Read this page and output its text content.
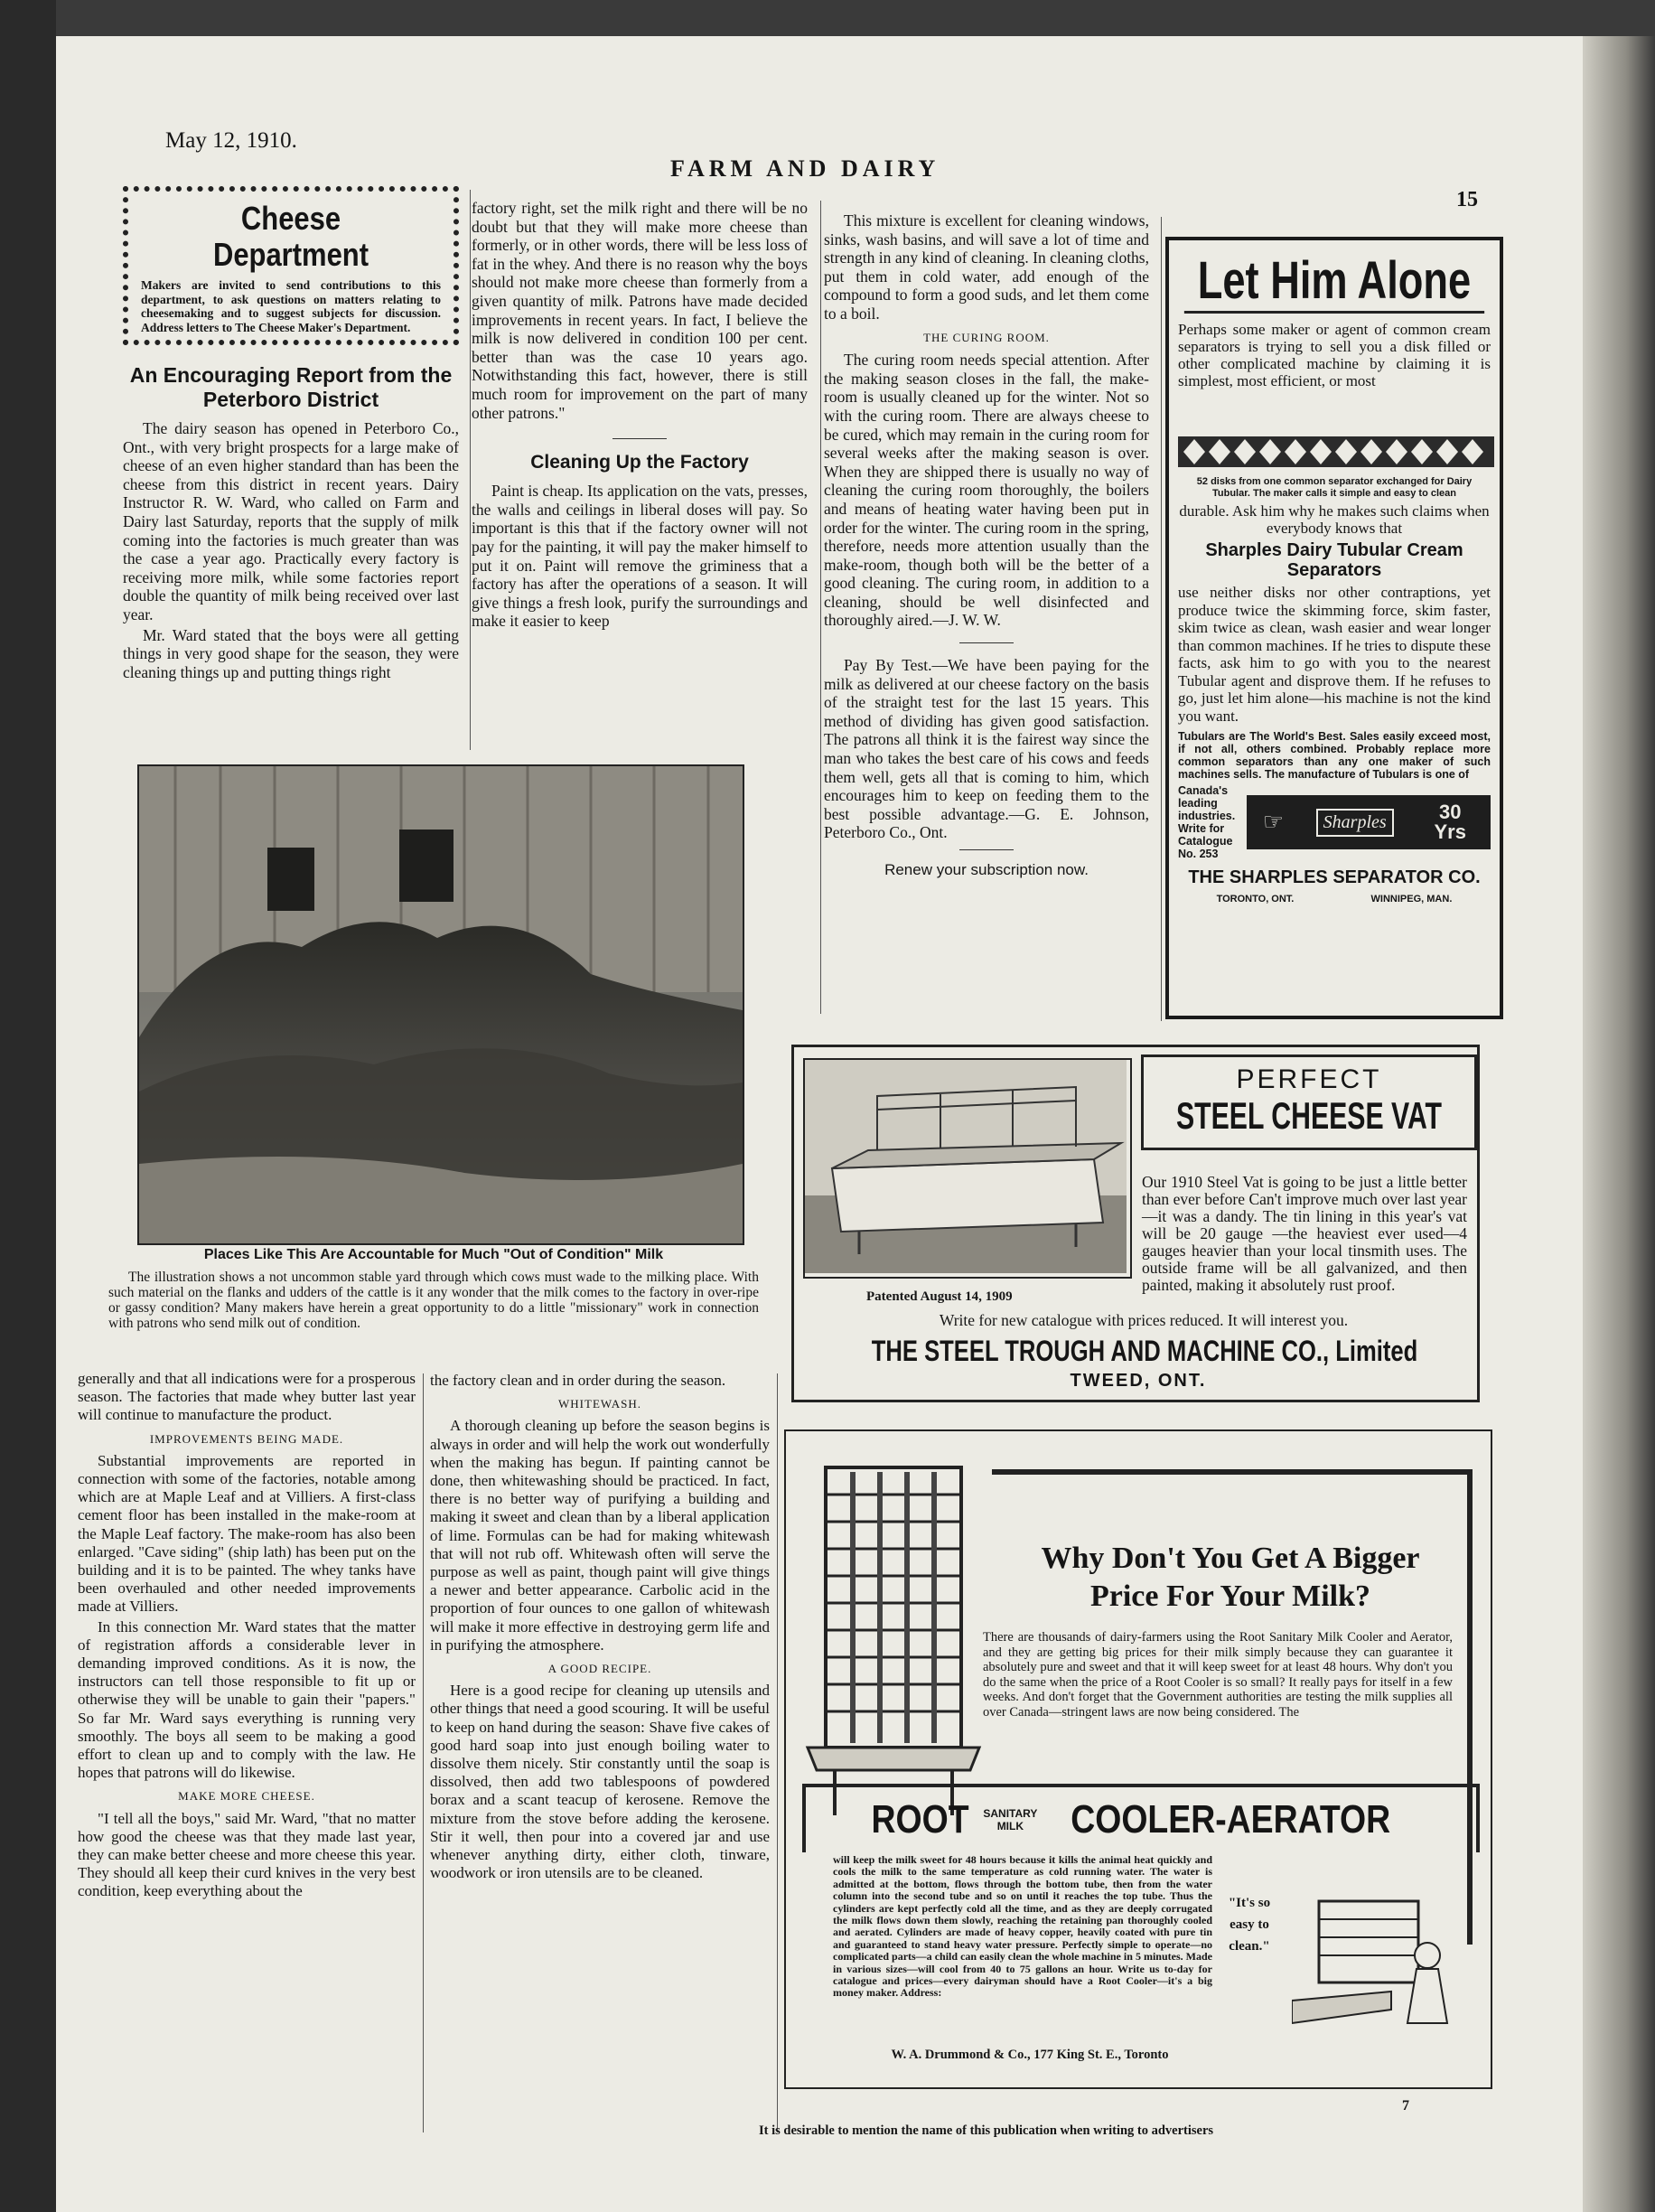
May 12, 1910.
FARM AND DAIRY
15
Cheese Department
Makers are invited to send contributions to this department, to ask questions on matters relating to cheesemaking and to suggest subjects for discussion. Address letters to The Cheese Maker's Department.
An Encouraging Report from the Peterboro District

The dairy season has opened in Peterboro Co., Ont., with very bright prospects for a large make of cheese of an even higher standard than has been the cheese from this district in recent years. Dairy Instructor R. W. Ward, who called on Farm and Dairy last Saturday, reports that the supply of milk coming into the factories is much greater than was the case a year ago. Practically every factory is receiving more milk, while some factories report double the quantity of milk being received over last year.

Mr. Ward stated that the boys were all getting things in very good shape for the season, they were cleaning things up and putting things right

factory right, set the milk right and there will be no doubt but that they will make more cheese than formerly, or in other words, there will be less loss of fat in the whey. And there is no reason why the boys should not make more cheese than formerly from a given quantity of milk. Patrons have made decided improvements in recent years. In fact, I believe the milk is now delivered in condition 100 per cent. better than was the case 10 years ago. Notwithstanding this fact, however, there is still much room for improvement on the part of many other patrons."

Cleaning Up the Factory

Paint is cheap. Its application on the vats, presses, the walls and ceilings in liberal doses will pay. So important is this that if the factory owner will not pay for the painting, it will pay the maker himself to put it on. Paint will remove the griminess that a factory has after the operations of a season. It will give things a fresh look, purify the surroundings and make it easier to keep

This mixture is excellent for cleaning windows, sinks, wash basins, and will save a lot of time and strength in any kind of cleaning. In cleaning cloths, put them in cold water, add enough of the compound to form a good suds, and let them come to a boil.

THE CURING ROOM.

The curing room needs special attention. After the making season closes in the fall, the make-room is usually cleaned up for the winter. Not so with the curing room. There are always cheese to be cured, which may remain in the curing room for several weeks after the making season is over. When they are shipped there is usually no way of cleaning the curing room thoroughly, the boilers and means of heating water having been put in order for the winter. The curing room in the spring, therefore, needs more attention usually than the make-room, though both will be the better of a good cleaning. The curing room, in addition to a cleaning, should be well disinfected and thoroughly aired.—J. W. W.

Pay By Test.—We have been paying for the milk as delivered at our cheese factory on the basis of the straight test for the last 15 years. This method of dividing has given good satisfaction. The patrons all think it is the fairest way since the man who takes the best care of his cows and feeds them well, gets all that is coming to him, which encourages him to keep on feeding them to the best possible advantage.—G. E. Johnson, Peterboro Co., Ont.

Renew your subscription now.
Places Like This Are Accountable for Much "Out of Condition" Milk

The illustration shows a not uncommon stable yard through which cows must wade to the milking place. With such material on the flanks and udders of the cattle is it any wonder that the milk comes to the factory in over-ripe or gassy condition? Many makers have herein a great opportunity to do a little "missionary" work in connection with patrons who send milk out of condition.

generally and that all indications were for a prosperous season. The factories that made whey butter last year will continue to manufacture the product.

IMPROVEMENTS BEING MADE.

Substantial improvements are reported in connection with some of the factories, notable among which are at Maple Leaf and at Villiers. A first-class cement floor has been installed in the make-room at the Maple Leaf factory. The make-room has also been enlarged. "Cave siding" (ship lath) has been put on the building and it is to be painted. The whey tanks have been overhauled and other needed improvements made at Villiers.

In this connection Mr. Ward states that the matter of registration affords a considerable lever in demanding improved conditions. As it is now, the instructors can tell those responsible to fit up or otherwise they will be unable to gain their "papers." So far Mr. Ward says everything is running very smoothly. The boys all seem to be making a good effort to clean up and to comply with the law. He hopes that patrons will do likewise.

MAKE MORE CHEESE.

"I tell all the boys," said Mr. Ward, "that no matter how good the cheese was that they made last year, they can make better cheese and more cheese this year. They should all keep their curd knives in the very best condition, keep everything about the

the factory clean and in order during the season.

WHITEWASH.

A thorough cleaning up before the season begins is always in order and will help the work out wonderfully when the making has begun. If painting cannot be done, then whitewashing should be practiced. In fact, there is no better way of purifying a building and making it sweet and clean than by a liberal application of lime. Formulas can be had for making whitewash that will not rub off. Whitewash often will serve the purpose as well as paint, though paint will give things a newer and better appearance. Carbolic acid in the proportion of four ounces to one gallon of whitewash will make it more effective in destroying germ life and in purifying the atmosphere.

A GOOD RECIPE.

Here is a good recipe for cleaning up utensils and other things that need a good scouring. It will be useful to keep on hand during the season: Shave five cakes of good hard soap into just enough boiling water to dissolve them nicely. Stir constantly until the soap is dissolved, then add two tablespoons of powdered borax and a scant teacup of kerosene. Remove the mixture from the stove before adding the kerosene. Stir it well, then pour into a covered jar and use whenever anything dirty, either cloth, tinware, woodwork or iron utensils are to be cleaned.

Let Him Alone
Perhaps some maker or agent of common cream separators is trying to sell you a disk filled or other complicated machine by claiming it is simplest, most efficient, or most
52 disks from one common separator exchanged for Dairy Tubular. The maker calls it simple and easy to clean
durable. Ask him why he makes such claims when everybody knows that
Sharples Dairy Tubular Cream Separators
use neither disks nor other contraptions, yet produce twice the skimming force, skim faster, skim twice as clean, wash easier and wear longer than common machines. If he tries to dispute these facts, ask him to go with you to the nearest Tubular agent and disprove them. If he refuses to go, just let him alone—his machine is not the kind you want.
Tubulars are The World's Best. Sales easily exceed most, if not all, others combined. Probably replace more common separators than any one maker of such machines sells. The manufacture of Tubulars is one of
Canada's leading industries. Write for Catalogue No. 253
☞	Sharples	30 Yrs
THE SHARPLES SEPARATOR CO.
TORONTO, ONT.	WINNIPEG, MAN.
Patented August 14, 1909
PERFECT
STEEL CHEESE VAT
Our 1910 Steel Vat is going to be just a little better than ever before Can't improve much over last year —it was a dandy. The tin lining in this year's vat will be 20 gauge —the heaviest ever used—4 gauges heavier than your local tinsmith uses. The outside frame will be all galvanized, and then painted, making it absolutely rust proof.
Write for new catalogue with prices reduced. It will interest you.
THE STEEL TROUGH AND MACHINE CO., Limited
TWEED, ONT.
Why Don't You Get A Bigger Price For Your Milk?
There are thousands of dairy-farmers using the Root Sanitary Milk Cooler and Aerator, and they are getting big prices for their milk simply because they can guarantee it absolutely pure and sweet and that it will keep sweet for at least 48 hours. Why don't you do the same when the price of a Root Cooler is so small? It really pays for itself in a few weeks. And don't forget that the Government authorities are testing the milk supplies all over Canada—stringent laws are now being considered. The
ROOT SANITARY
MILK	COOLER-AERATOR
will keep the milk sweet for 48 hours because it kills the animal heat quickly and cools the milk to the same temperature as cold running water. The water is admitted at the bottom, flows through the bottom tube, then from the water column into the second tube and so on until it reaches the top tube. Thus the cylinders are kept perfectly cold all the time, and as they are deeply corrugated the milk flows down them slowly, reaching the retaining pan thoroughly cooled and aerated. Cylinders are made of heavy copper, heavily coated with pure tin and guaranteed to stand heavy water pressure. Perfectly simple to operate—no complicated parts—a child can easily clean the whole machine in 5 minutes. Made in various sizes—will cool from 40 to 75 gallons an hour. Write us to-day for catalogue and prices—every dairyman should have a Root Cooler—it's a big money maker. Address:
"It's so easy to clean."
W. A. Drummond & Co., 177 King St. E., Toronto
It is desirable to mention the name of this publication when writing to advertisers
7
